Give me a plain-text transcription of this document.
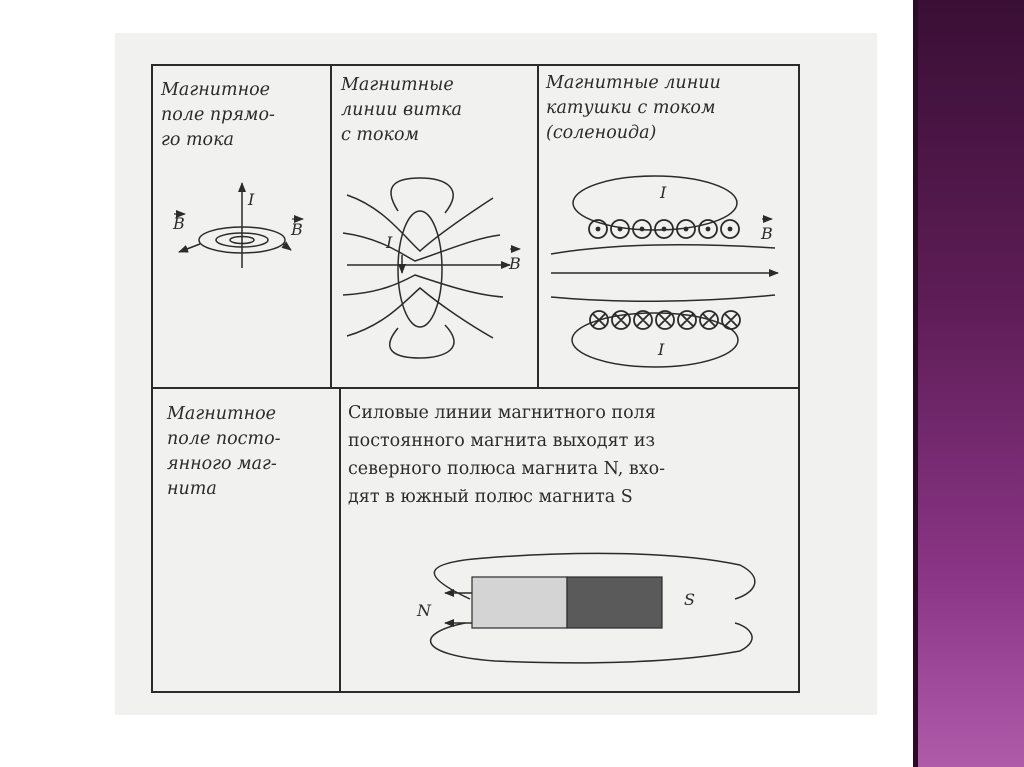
I
B	B
I
B
I
I
B
N
S
Магнитное
поле прямо-
го тока
Магнитные
линии витка
с током
Магнитные линии
катушки с током
(соленоида)
Магнитное
поле посто-
янного маг-
нита
Силовые линии магнитного поля
постоянного магнита выходят из
северного полюса магнита N, вхо-
дят в южный полюс магнита S
